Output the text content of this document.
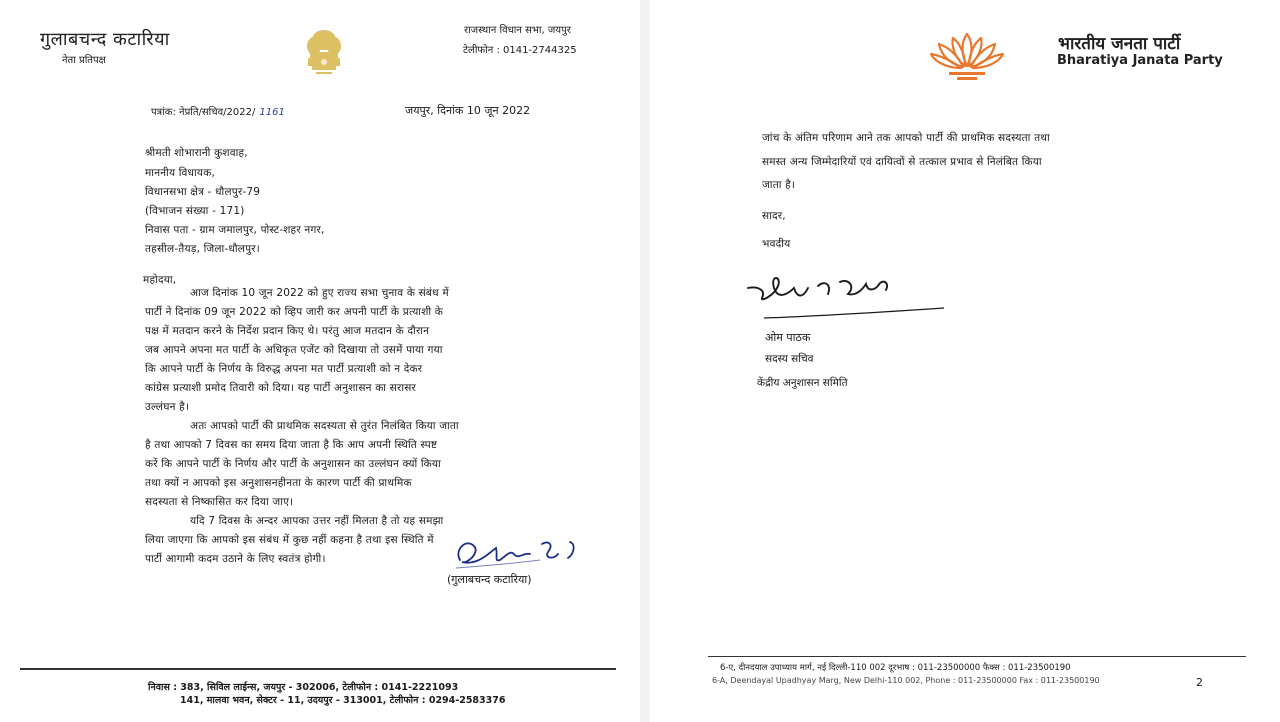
गुलाबचन्द कटारिया
नेता प्रतिपक्ष
राजस्थान विधान सभा, जयपुर
टेलीफोन : 0141-2744325
पत्रांक: नेप्रति/सचिव/2022/ 1161	जयपुर, दिनांक 10 जून 2022
श्रीमती शोभारानी कुशवाह,
माननीय विधायक,
विधानसभा क्षेत्र - धौलपुर-79
(विभाजन संख्या - 171)
निवास पता - ग्राम जमालपुर, पोस्ट-शहर नगर,
तहसील-तैयड़, जिला-धौलपुर।
महोदया,
आज दिनांक 10 जून 2022 को हुए राज्य सभा चुनाव के संबंध में
पार्टी ने दिनांक 09 जून 2022 को व्हिप जारी कर अपनी पार्टी के प्रत्याशी के
पक्ष में मतदान करने के निर्देश प्रदान किए थे। परंतु आज मतदान के दौरान
जब आपने अपना मत पार्टी के अधिकृत एजेंट को दिखाया तो उसमें पाया गया
कि आपने पार्टी के निर्णय के विरुद्ध अपना मत पार्टी प्रत्याशी को न देकर
कांग्रेस प्रत्याशी प्रमोद तिवारी को दिया। यह पार्टी अनुशासन का सरासर
उल्लंघन है।
अतः आपको पार्टी की प्राथमिक सदस्यता से तुरंत निलंबित किया जाता
है तथा आपको 7 दिवस का समय दिया जाता है कि आप अपनी स्थिति स्पष्ट
करें कि आपने पार्टी के निर्णय और पार्टी के अनुशासन का उल्लंघन क्यों किया
तथा क्यों न आपको इस अनुशासनहीनता के कारण पार्टी की प्राथमिक
सदस्यता से निष्कासित कर दिया जाए।
यदि 7 दिवस के अन्दर आपका उत्तर नहीं मिलता है तो यह समझा
लिया जाएगा कि आपको इस संबंध में कुछ नहीं कहना है तथा इस स्थिति में
पार्टी आगामी कदम उठाने के लिए स्वतंत्र होगी।
(गुलाबचन्द कटारिया)
निवास : 383, सिविल लाईन्स, जयपुर - 302006, टेलीफोन : 0141-2221093
141, मालवा भवन, सेक्टर - 11, उदयपुर - 313001, टेलीफोन : 0294-2583376
भारतीय जनता पार्टी
Bharatiya Janata Party
जांच के अंतिम परिणाम आने तक आपको पार्टी की प्राथमिक सदस्यता तथा
समस्त अन्य जिम्मेदारियों एवं दायित्वों से तत्काल प्रभाव से निलंबित किया
जाता है।
सादर,
भवदीय
ओम पाठक
सदस्य सचिव
केंद्रीय अनुशासन समिति
6-ए, दीनदयाल उपाध्याय मार्ग, नई दिल्ली-110 002 दूरभाष : 011-23500000 फैक्स : 011-23500190
6-A, Deendayal Upadhyay Marg, New Delhi-110 002, Phone : 011-23500000 Fax : 011-23500190	2
